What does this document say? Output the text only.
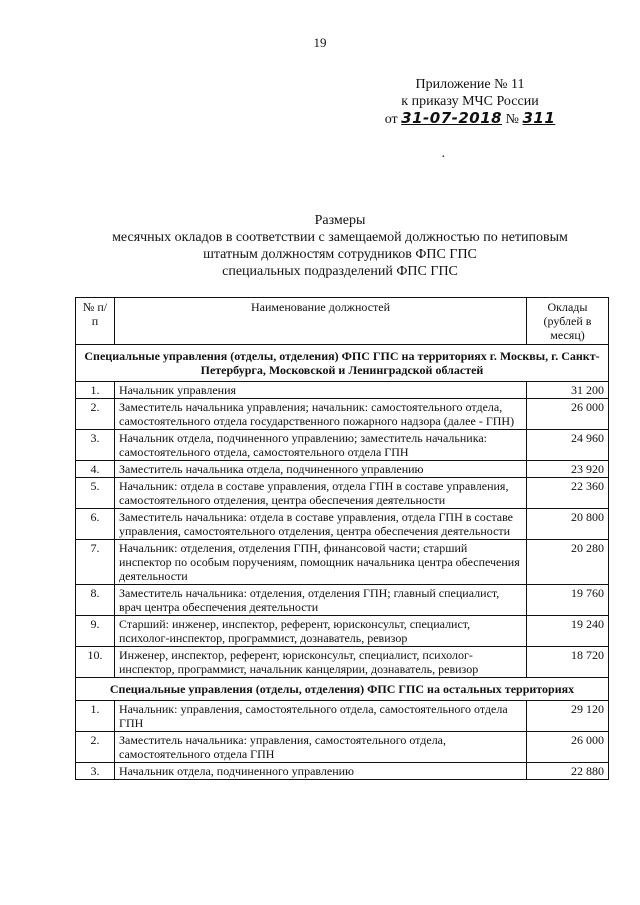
19
Приложение № 11
к приказу МЧС России
от 31-07-2018 № 311
·
Размеры
месячных окладов в соответствии с замещаемой должностью по нетиповым
штатным должностям сотрудников ФПС ГПС
специальных подразделений ФПС ГПС
№ п/п	Наименование должностей	Оклады (рублей в месяц)
Специальные управления (отделы, отделения) ФПС ГПС на территориях г. Москвы, г. Санкт-Петербурга, Московской и Ленинградской областей		
1.	Начальник управления	31 200
2.	Заместитель начальника управления; начальник: самостоятельного отдела, самостоятельного отдела государственного пожарного надзора (далее - ГПН)	26 000
3.	Начальник отдела, подчиненного управлению; заместитель начальника: самостоятельного отдела, самостоятельного отдела ГПН	24 960
4.	Заместитель начальника отдела, подчиненного управлению	23 920
5.	Начальник: отдела в составе управления, отдела ГПН в составе управления, самостоятельного отделения, центра обеспечения деятельности	22 360
6.	Заместитель начальника: отдела в составе управления, отдела ГПН в составе управления, самостоятельного отделения, центра обеспечения деятельности	20 800
7.	Начальник: отделения, отделения ГПН, финансовой части; старший инспектор по особым поручениям, помощник начальника центра обеспечения деятельности	20 280
8.	Заместитель начальника: отделения, отделения ГПН; главный специалист, врач центра обеспечения деятельности	19 760
9.	Старший: инженер, инспектор, референт, юрисконсульт, специалист, психолог-инспектор, программист, дознаватель, ревизор	19 240
10.	Инженер, инспектор, референт, юрисконсульт, специалист, психолог-инспектор, программист, начальник канцелярии, дознаватель, ревизор	18 720
Специальные управления (отделы, отделения) ФПС ГПС на остальных территориях		
1.	Начальник: управления, самостоятельного отдела, самостоятельного отдела ГПН	29 120
2.	Заместитель начальника: управления, самостоятельного отдела, самостоятельного отдела ГПН	26 000
3.	Начальник отдела, подчиненного управлению	22 880
